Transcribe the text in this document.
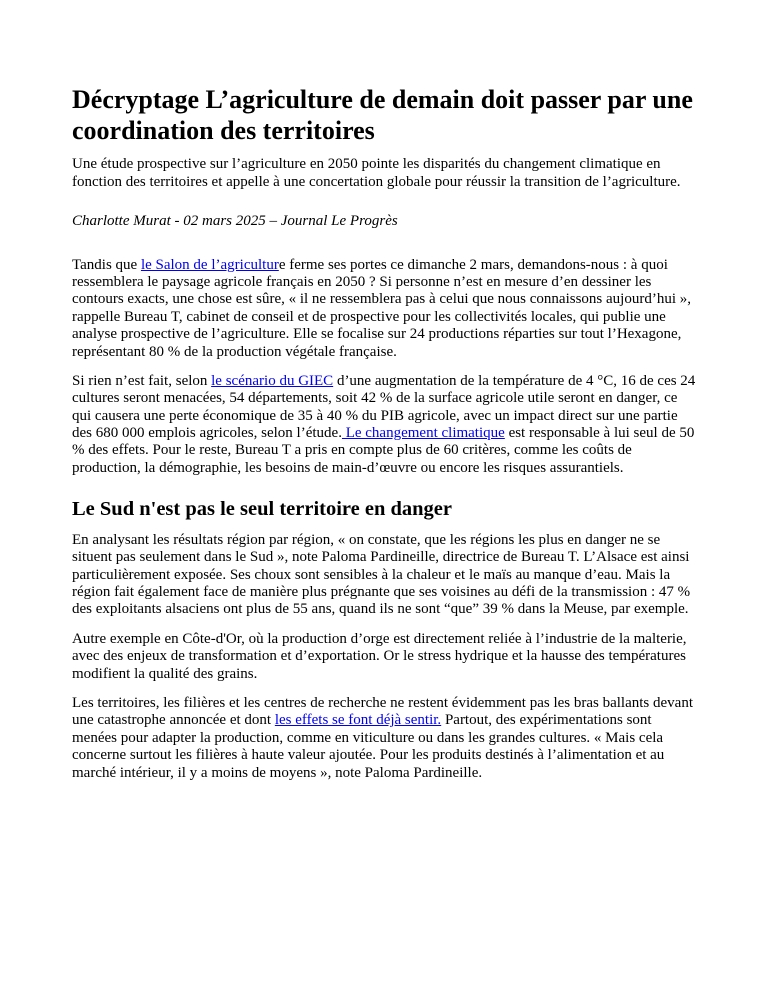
Décryptage L’agriculture de demain doit passer par une coordination des territoires

Une étude prospective sur l’agriculture en 2050 pointe les disparités du changement climatique en fonction des territoires et appelle à une concertation globale pour réussir la transition de l’agriculture.

Charlotte Murat - 02 mars 2025 – Journal Le Progrès

Tandis que le Salon de l’agriculture ferme ses portes ce dimanche 2 mars, demandons-nous : à quoi ressemblera le paysage agricole français en 2050 ? Si personne n’est en mesure d’en dessiner les contours exacts, une chose est sûre, « il ne ressemblera pas à celui que nous connaissons aujourd’hui », rappelle Bureau T, cabinet de conseil et de prospective pour les collectivités locales, qui publie une analyse prospective de l’agriculture. Elle se focalise sur 24 productions réparties sur tout l’Hexagone, représentant 80 % de la production végétale française.

Si rien n’est fait, selon le scénario du GIEC d’une augmentation de la température de 4 °C, 16 de ces 24 cultures seront menacées, 54 départements, soit 42 % de la surface agricole utile seront en danger, ce qui causera une perte économique de 35 à 40 % du PIB agricole, avec un impact direct sur une partie des 680 000 emplois agricoles, selon l’étude. Le changement climatique est responsable à lui seul de 50 % des effets. Pour le reste, Bureau T a pris en compte plus de 60 critères, comme les coûts de production, la démographie, les besoins de main-d’œuvre ou encore les risques assurantiels.

Le Sud n'est pas le seul territoire en danger

En analysant les résultats région par région, « on constate, que les régions les plus en danger ne se situent pas seulement dans le Sud », note Paloma Pardineille, directrice de Bureau T. L’Alsace est ainsi particulièrement exposée. Ses choux sont sensibles à la chaleur et le maïs au manque d’eau. Mais la région fait également face de manière plus prégnante que ses voisines au défi de la transmission : 47 % des exploitants alsaciens ont plus de 55 ans, quand ils ne sont “que” 39 % dans la Meuse, par exemple.

Autre exemple en Côte-d'Or, où la production d’orge est directement reliée à l’industrie de la malterie, avec des enjeux de transformation et d’exportation. Or le stress hydrique et la hausse des températures modifient la qualité des grains.

Les territoires, les filières et les centres de recherche ne restent évidemment pas les bras ballants devant une catastrophe annoncée et dont les effets se font déjà sentir. Partout, des expérimentations sont menées pour adapter la production, comme en viticulture ou dans les grandes cultures. « Mais cela concerne surtout les filières à haute valeur ajoutée. Pour les produits destinés à l’alimentation et au marché intérieur, il y a moins de moyens », note Paloma Pardineille.
